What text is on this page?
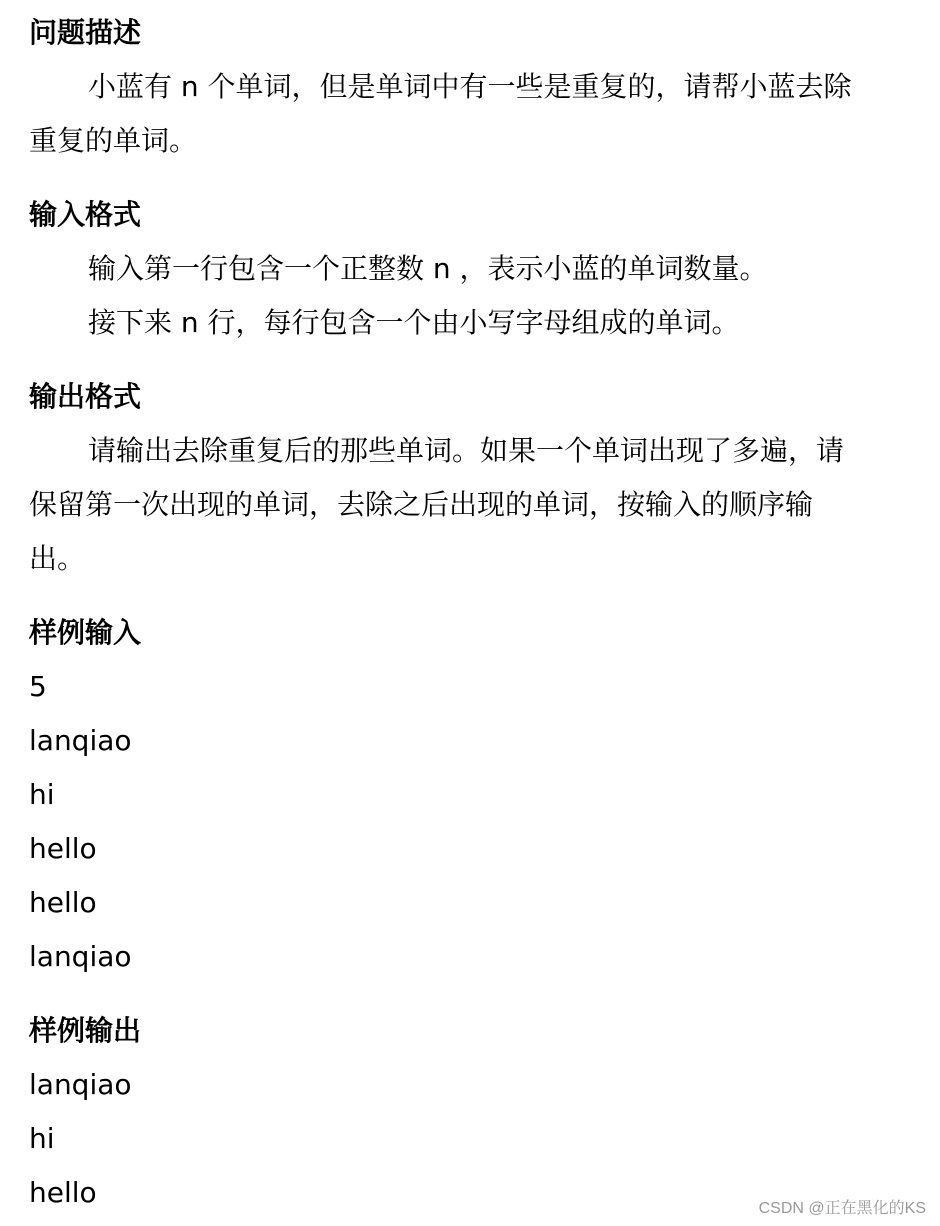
问题描述
小蓝有 n 个单词，但是单词中有一些是重复的，请帮小蓝去除
重复的单词。
输入格式
输入第一行包含一个正整数 n ，表示小蓝的单词数量。
接下来 n 行，每行包含一个由小写字母组成的单词。
输出格式
请输出去除重复后的那些单词。如果一个单词出现了多遍，请
保留第一次出现的单词，去除之后出现的单词，按输入的顺序输
出。
样例输入
5
lanqiao
hi
hello
hello
lanqiao
样例输出
lanqiao
hi
hello	CSDN @正在黑化的KS
